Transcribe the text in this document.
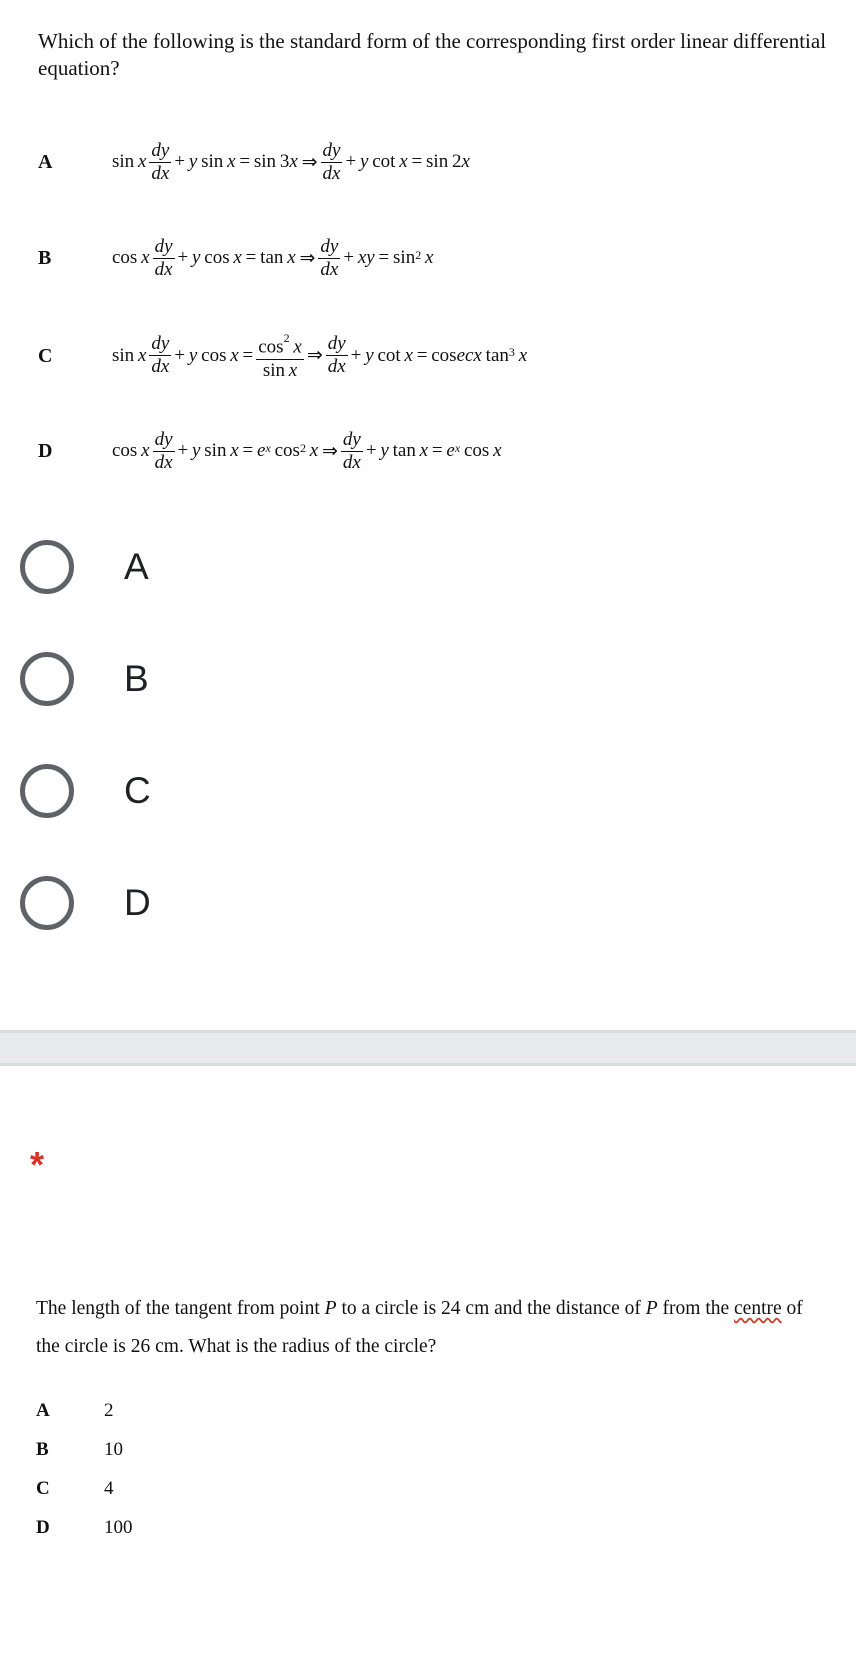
Which of the following is the standard form of the corresponding first order linear differential equation?
A	sin  x $\frac{dy}{dx} + y$  sin  x  = sin 3 x  ⇒ $\frac{dy}{dx} + y$  cot  x  = sin 2 x
B	cos  x $\frac{dy}{dx} + y$  cos  x  = tan  x  ⇒ $\frac{dy}{dx}$ +  xy  = $\sin^2$
  x
C	sin  x $\frac{dy}{dx} + y$  $\cos x = \frac{\cos^2 x}{\text{sin x}}$ ⇒ $\frac{dy}{dx} + y$  cot  x  = cos ecx  $\tan^3$
  x
D	cos  x $\frac{dy}{dx} + y$  sin  x  =  e $^x$  $\cos^2$
  x  ⇒ $\frac{dy}{dx} + y$  tan  x  =  e $^x$  cos  x
A
B
C
D
*
The length of the tangent from point P to a circle is 24 cm and the distance of P from the centre of the circle is 26 cm. What is the radius of the circle?
A	2
B	10
C	4
D	100
